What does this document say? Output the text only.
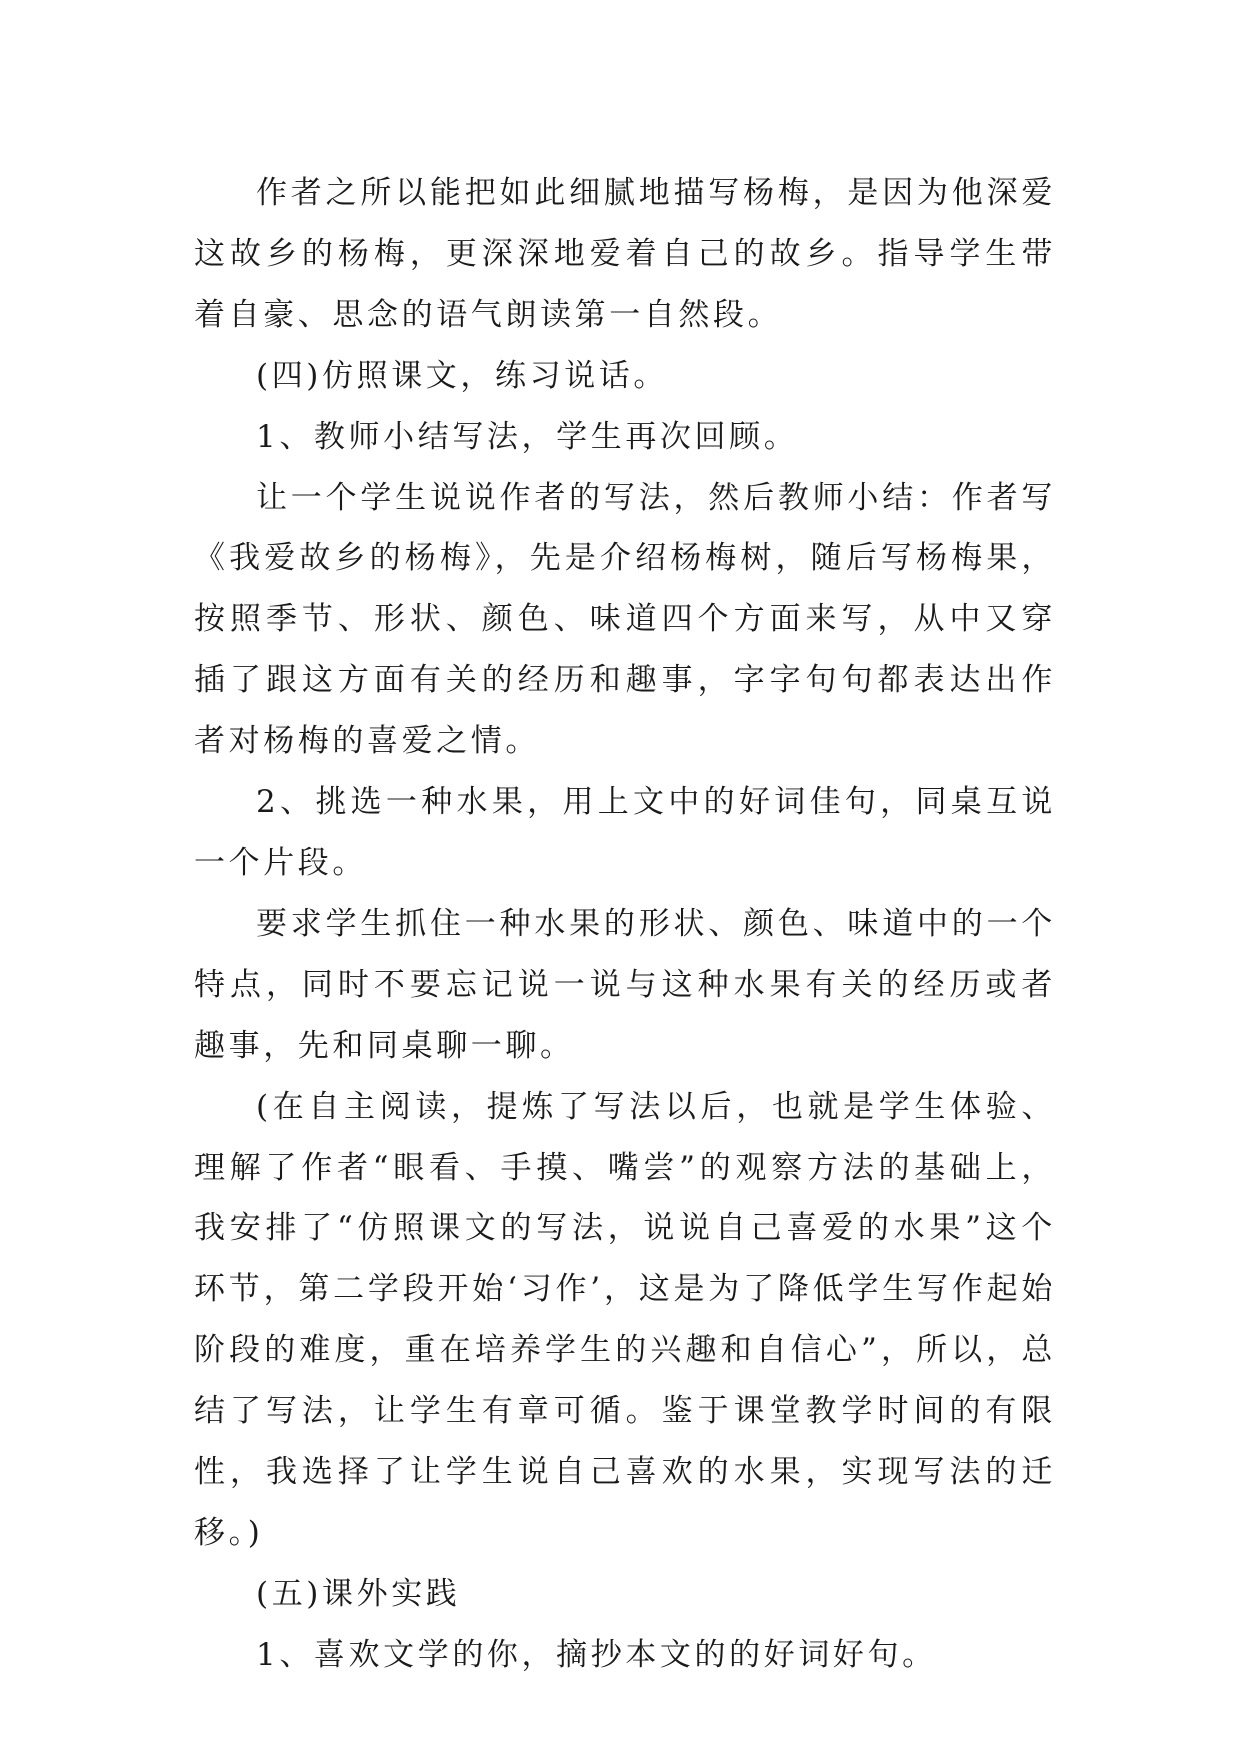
作者之所以能把如此细腻地描写杨梅，是因为他深爱这故乡的杨梅，更深深地爱着自己的故乡。指导学生带着自豪、思念的语气朗读第一自然段。

(四)仿照课文，练习说话。

1、教师小结写法，学生再次回顾。

让一个学生说说作者的写法，然后教师小结：作者写《我爱故乡的杨梅》，先是介绍杨梅树，随后写杨梅果，按照季节、形状、颜色、味道四个方面来写，从中又穿插了跟这方面有关的经历和趣事，字字句句都表达出作者对杨梅的喜爱之情。

2、挑选一种水果，用上文中的好词佳句，同桌互说一个片段。

要求学生抓住一种水果的形状、颜色、味道中的一个特点，同时不要忘记说一说与这种水果有关的经历或者趣事，先和同桌聊一聊。

(在自主阅读，提炼了写法以后，也就是学生体验、理解了作者“眼看、手摸、嘴尝”的观察方法的基础上，我安排了“仿照课文的写法，说说自己喜爱的水果”这个环节，第二学段开始‘习作’，这是为了降低学生写作起始阶段的难度，重在培养学生的兴趣和自信心”，所以，总结了写法，让学生有章可循。鉴于课堂教学时间的有限性，我选择了让学生说自己喜欢的水果，实现写法的迁移。)

(五)课外实践

1、喜欢文学的你，摘抄本文的的好词好句。
